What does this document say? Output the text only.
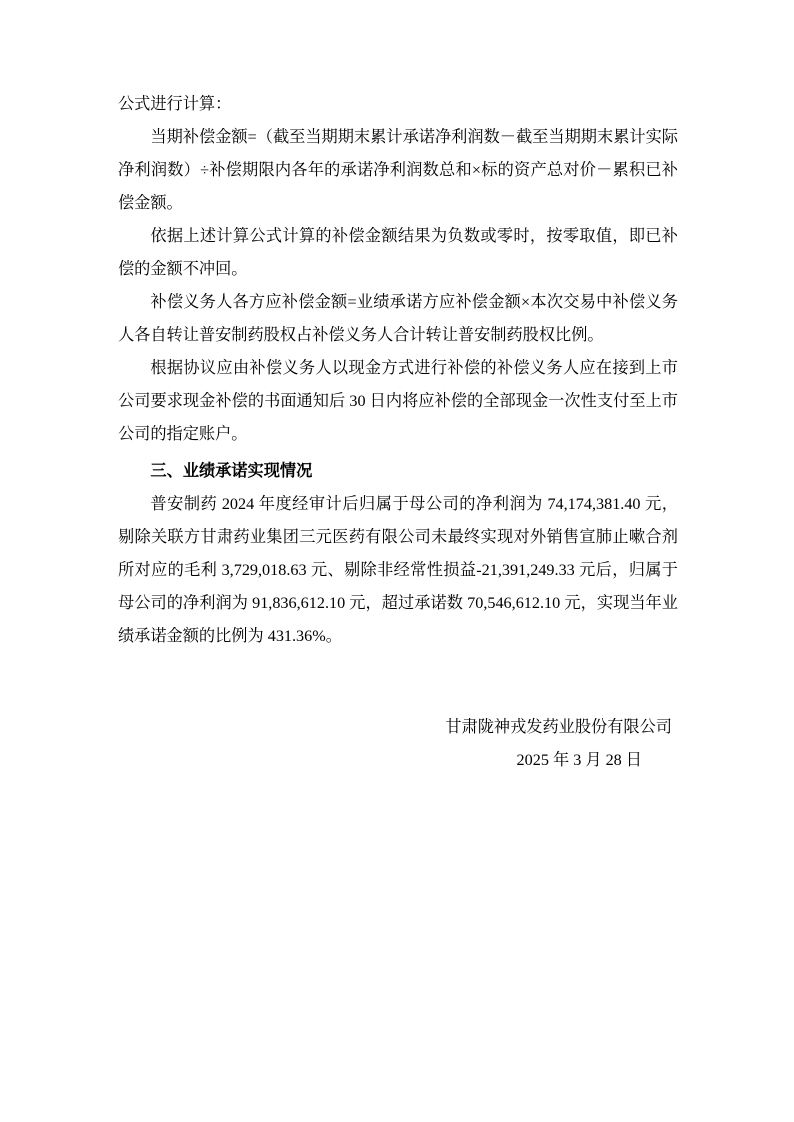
公式进行计算：

当期补偿金额=（截至当期期末累计承诺净利润数－截至当期期末累计实际净利润数）÷补偿期限内各年的承诺净利润数总和×标的资产总对价－累积已补偿金额。

依据上述计算公式计算的补偿金额结果为负数或零时，按零取值，即已补偿的金额不冲回。

补偿义务人各方应补偿金额=业绩承诺方应补偿金额×本次交易中补偿义务人各自转让普安制药股权占补偿义务人合计转让普安制药股权比例。

根据协议应由补偿义务人以现金方式进行补偿的补偿义务人应在接到上市公司要求现金补偿的书面通知后 30 日内将应补偿的全部现金一次性支付至上市公司的指定账户。

三、业绩承诺实现情况

普安制药 2024 年度经审计后归属于母公司的净利润为 74,174,381.40 元，剔除关联方甘肃药业集团三元医药有限公司未最终实现对外销售宣肺止嗽合剂所对应的毛利 3,729,018.63 元、剔除非经常性损益-21,391,249.33 元后，归属于母公司的净利润为 91,836,612.10 元，超过承诺数 70,546,612.10 元，实现当年业绩承诺金额的比例为 431.36%。

甘肃陇神戎发药业股份有限公司

2025 年 3 月 28 日
